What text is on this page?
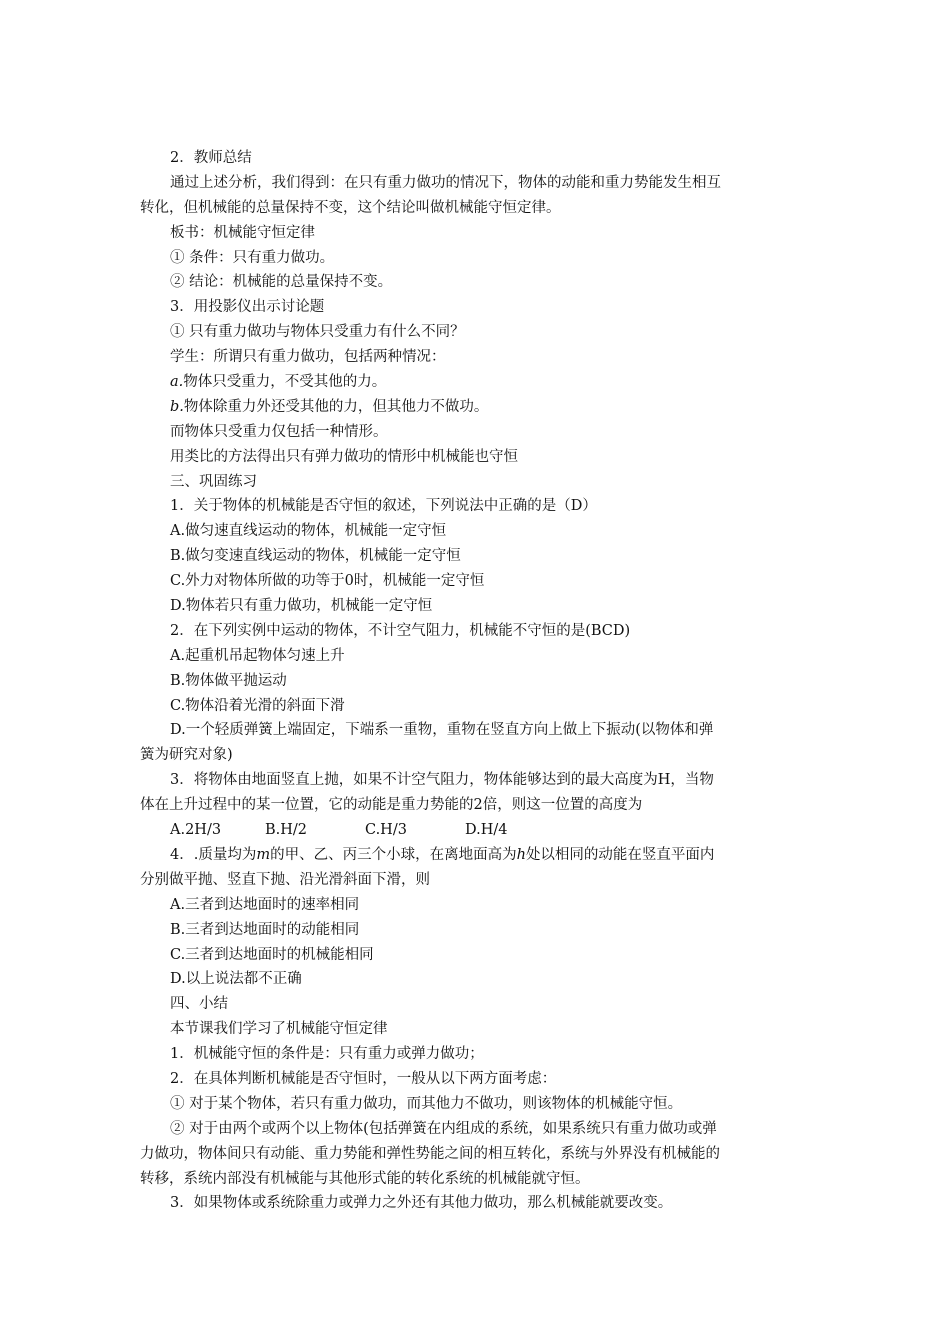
2．教师总结
通过上述分析，我们得到：在只有重力做功的情况下，物体的动能和重力势能发生相互
转化，但机械能的总量保持不变，这个结论叫做机械能守恒定律。
板书：机械能守恒定律
① 条件：只有重力做功。
② 结论：机械能的总量保持不变。
3．用投影仪出示讨论题
① 只有重力做功与物体只受重力有什么不同？
学生：所谓只有重力做功，包括两种情况：
a.物体只受重力，不受其他的力。
b.物体除重力外还受其他的力，但其他力不做功。
而物体只受重力仅包括一种情形。
用类比的方法得出只有弹力做功的情形中机械能也守恒
三、巩固练习
1．关于物体的机械能是否守恒的叙述，下列说法中正确的是（D）
A.做匀速直线运动的物体，机械能一定守恒
B.做匀变速直线运动的物体，机械能一定守恒
C.外力对物体所做的功等于0时，机械能一定守恒
D.物体若只有重力做功，机械能一定守恒
2．在下列实例中运动的物体，不计空气阻力，机械能不守恒的是(BCD)
A.起重机吊起物体匀速上升
B.物体做平抛运动
C.物体沿着光滑的斜面下滑
D.一个轻质弹簧上端固定，下端系一重物，重物在竖直方向上做上下振动(以物体和弹
簧为研究对象)
3．将物体由地面竖直上抛，如果不计空气阻力，物体能够达到的最大高度为H，当物
体在上升过程中的某一位置，它的动能是重力势能的2倍，则这一位置的高度为
A.2H/3	B.H/2	C.H/3	D.H/4
4．.质量均为m的甲、乙、丙三个小球，在离地面高为h处以相同的动能在竖直平面内
分别做平抛、竖直下抛、沿光滑斜面下滑，则
A.三者到达地面时的速率相同
B.三者到达地面时的动能相同
C.三者到达地面时的机械能相同
D.以上说法都不正确
四、小结
本节课我们学习了机械能守恒定律
1．机械能守恒的条件是：只有重力或弹力做功；
2．在具体判断机械能是否守恒时，一般从以下两方面考虑：
① 对于某个物体，若只有重力做功，而其他力不做功，则该物体的机械能守恒。
② 对于由两个或两个以上物体(包括弹簧在内组成的系统，如果系统只有重力做功或弹
力做功，物体间只有动能、重力势能和弹性势能之间的相互转化，系统与外界没有机械能的
转移，系统内部没有机械能与其他形式能的转化系统的机械能就守恒。
3．如果物体或系统除重力或弹力之外还有其他力做功，那么机械能就要改变。
